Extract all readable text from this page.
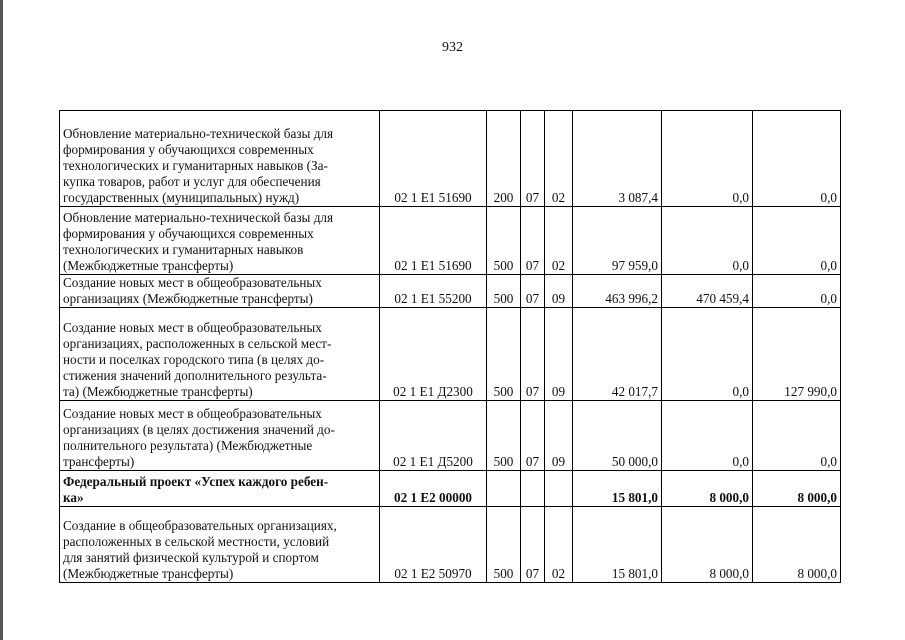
932
Обновление материально-технической базы для
формирования у обучающихся современных
технологических и гуманитарных навыков (За-
купка товаров, работ и услуг для обеспечения
государственных (муниципальных) нужд)	02 1 Е1 51690	200	07	02	3 087,4	0,0	0,0

Обновление материально-технической базы для
формирования у обучающихся современных
технологических и гуманитарных навыков
(Межбюджетные трансферты)	02 1 Е1 51690	500	07	02	97 959,0	0,0	0,0

Создание новых мест в общеобразовательных
организациях (Межбюджетные трансферты)	02 1 Е1 55200	500	07	09	463 996,2	470 459,4	0,0

Создание новых мест в общеобразовательных
организациях, расположенных в сельской мест-
ности и поселках городского типа (в целях до-
стижения значений дополнительного результа-
та) (Межбюджетные трансферты)	02 1 Е1 Д2300	500	07	09	42 017,7	0,0	127 990,0

Создание новых мест в общеобразовательных
организациях (в целях достижения значений до-
полнительного результата) (Межбюджетные
трансферты)	02 1 Е1 Д5200	500	07	09	50 000,0	0,0	0,0

Федеральный проект «Успех каждого ребен-
ка»	02 1 Е2 00000				15 801,0	8 000,0	8 000,0

Создание в общеобразовательных организациях,
расположенных в сельской местности, условий
для занятий физической культурой и спортом
(Межбюджетные трансферты)	02 1 Е2 50970	500	07	02	15 801,0	8 000,0	8 000,0
